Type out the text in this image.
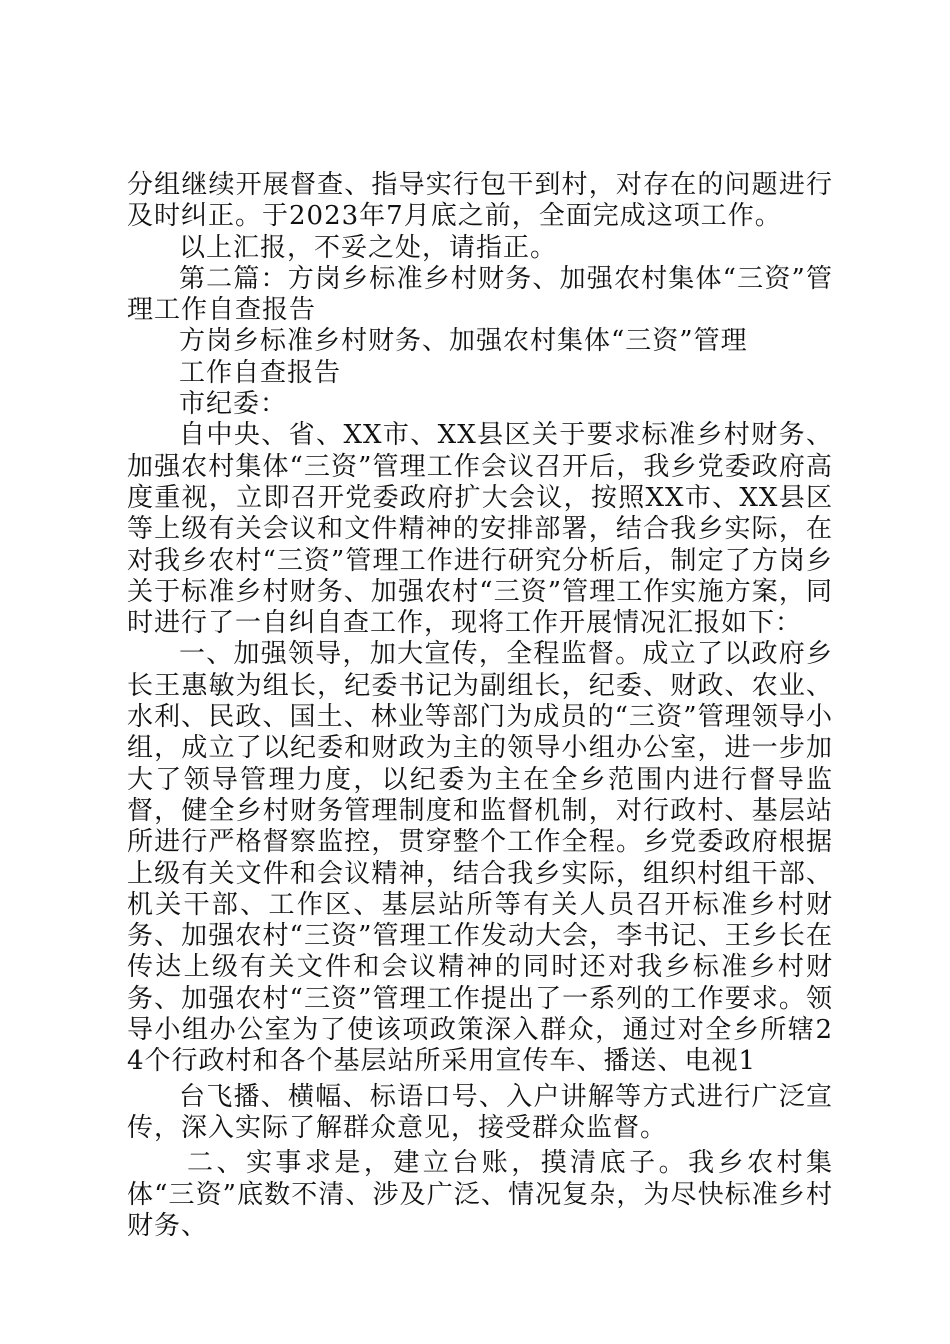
分组继续开展督查、指导实行包干到村，对存在的问题进行及时纠正。于2023年7月底之前，全面完成这项工作。

以上汇报，不妥之处，请指正。

第二篇：方岗乡标准乡村财务、加强农村集体“三资”管理工作自查报告

方岗乡标准乡村财务、加强农村集体“三资”管理

工作自查报告

市纪委：

自中央、省、XX市、XX县区关于要求标准乡村财务、加强农村集体“三资”管理工作会议召开后，我乡党委政府高度重视，立即召开党委政府扩大会议，按照XX市、XX县区等上级有关会议和文件精神的安排部署，结合我乡实际，在对我乡农村“三资”管理工作进行研究分析后，制定了方岗乡关于标准乡村财务、加强农村“三资”管理工作实施方案，同时进行了一自纠自查工作，现将工作开展情况汇报如下：

一、加强领导，加大宣传，全程监督。成立了以政府乡长王惠敏为组长，纪委书记为副组长，纪委、财政、农业、水利、民政、国土、林业等部门为成员的“三资”管理领导小组，成立了以纪委和财政为主的领导小组办公室，进一步加大了领导管理力度，以纪委为主在全乡范围内进行督导监督，健全乡村财务管理制度和监督机制，对行政村、基层站所进行严格督察监控，贯穿整个工作全程。乡党委政府根据上级有关文件和会议精神，结合我乡实际，组织村组干部、机关干部、工作区、基层站所等有关人员召开标准乡村财务、加强农村“三资”管理工作发动大会，李书记、王乡长在传达上级有关文件和会议精神的同时还对我乡标准乡村财务、加强农村“三资”管理工作提出了一系列的工作要求。领导小组办公室为了使该项政策深入群众，通过对全乡所辖24个行政村和各个基层站所采用宣传车、播送、电视1

台飞播、横幅、标语口号、入户讲解等方式进行广泛宣传，深入实际了解群众意见，接受群众监督。

二、实事求是，建立台账，摸清底子。我乡农村集体“三资”底数不清、涉及广泛、情况复杂，为尽快标准乡村财务、
